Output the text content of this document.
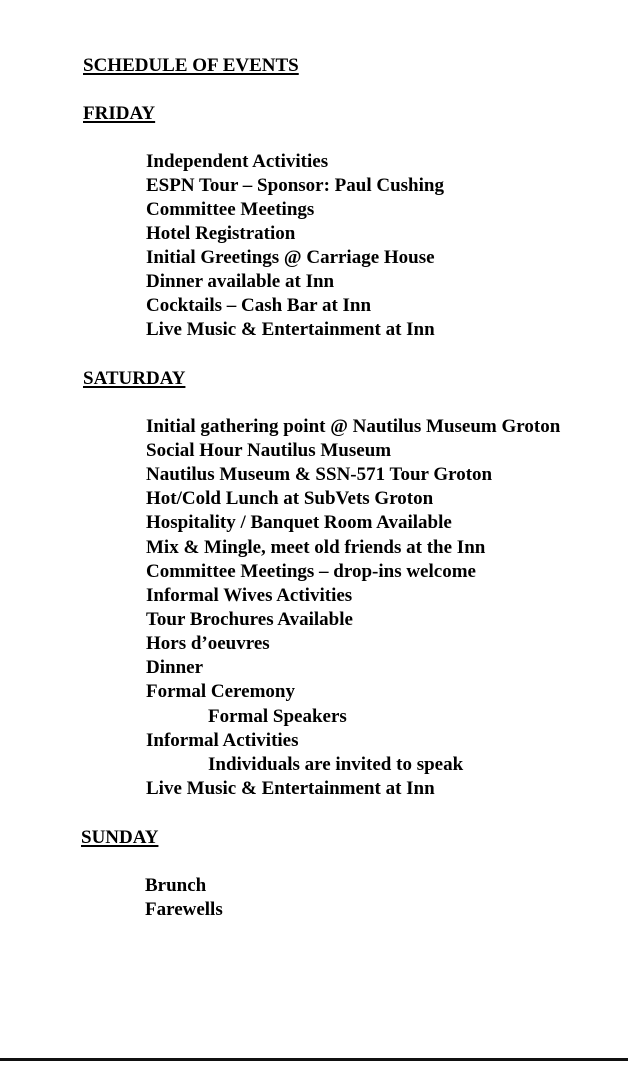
SCHEDULE OF EVENTS
FRIDAY
Independent Activities
ESPN Tour – Sponsor: Paul Cushing
Committee Meetings
Hotel Registration
Initial Greetings @ Carriage House
Dinner available at Inn
Cocktails – Cash Bar at Inn
Live Music & Entertainment at Inn
SATURDAY
Initial gathering point @ Nautilus Museum Groton
Social Hour Nautilus Museum
Nautilus Museum & SSN-571 Tour Groton
Hot/Cold Lunch at SubVets Groton
Hospitality / Banquet Room Available
Mix & Mingle, meet old friends at the Inn
Committee Meetings – drop-ins welcome
Informal Wives Activities
Tour Brochures Available
Hors d’oeuvres
Dinner
Formal Ceremony
Formal Speakers
Informal Activities
Individuals are invited to speak
Live Music & Entertainment at Inn
SUNDAY
Brunch
Farewells
